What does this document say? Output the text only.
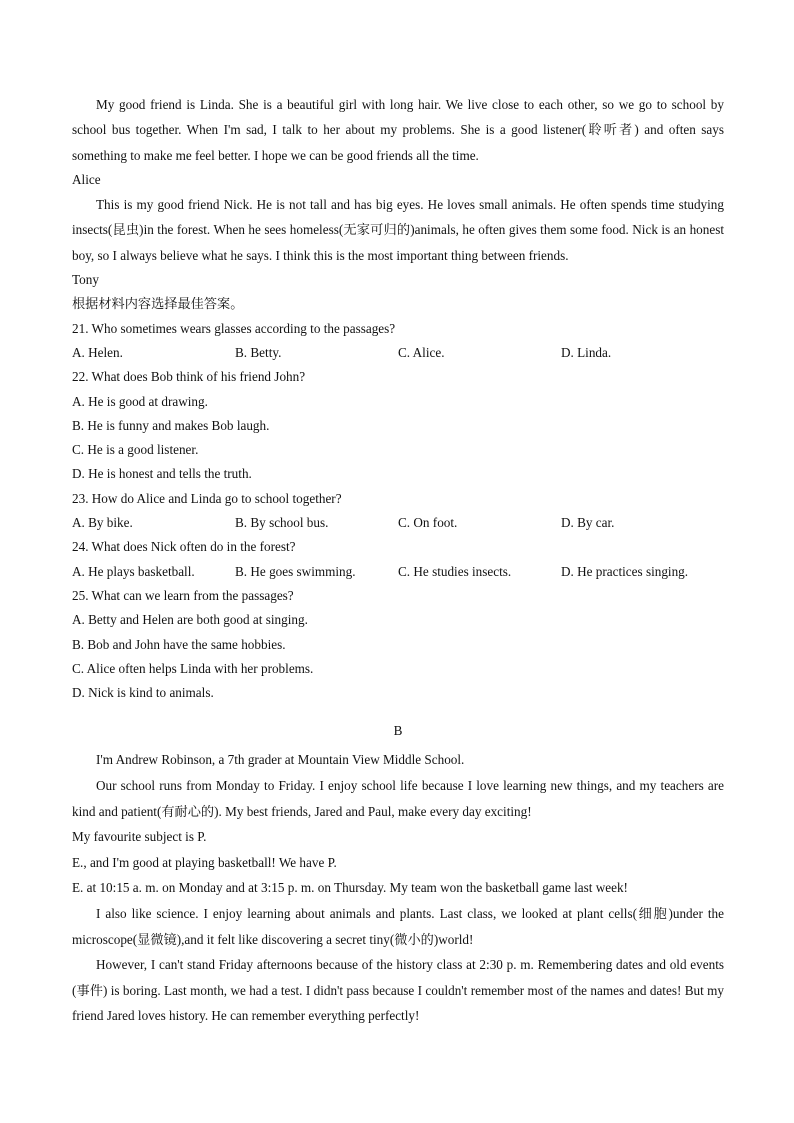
My good friend is Linda. She is a beautiful girl with long hair. We live close to each other, so we go to school by school bus together. When I'm sad, I talk to her about my problems. She is a good listener(聆听者) and often says something to make me feel better. I hope we can be good friends all the time.

Alice

This is my good friend Nick. He is not tall and has big eyes. He loves small animals. He often spends time studying insects(昆虫)in the forest. When he sees homeless(无家可归的)animals, he often gives them some food. Nick is an honest boy, so I always believe what he says. I think this is the most important thing between friends.

Tony

根据材料内容选择最佳答案。

21. Who sometimes wears glasses according to the passages?

A. Helen.	B. Betty.	C. Alice.	D. Linda.

22. What does Bob think of his friend John?

A. He is good at drawing.

B. He is funny and makes Bob laugh.

C. He is a good listener.

D. He is honest and tells the truth.

23. How do Alice and Linda go to school together?

A. By bike.	B. By school bus.	C. On foot.	D. By car.

24. What does Nick often do in the forest?

A. He plays basketball.	B. He goes swimming.	C. He studies insects.	D. He practices singing.

25. What can we learn from the passages?

A. Betty and Helen are both good at singing.

B. Bob and John have the same hobbies.

C. Alice often helps Linda with her problems.

D. Nick is kind to animals.

B

I'm Andrew Robinson, a 7th grader at Mountain View Middle School.

Our school runs from Monday to Friday. I enjoy school life because I love learning new things, and my teachers are kind and patient(有耐心的). My best friends, Jared and Paul, make every day exciting!

My favourite subject is P.

E., and I'm good at playing basketball! We have P.

E. at 10:15 a. m. on Monday and at 3:15 p. m. on Thursday. My team won the basketball game last week!

I also like science. I enjoy learning about animals and plants. Last class, we looked at plant cells(细胞)under the microscope(显微镜),and it felt like discovering a secret tiny(微小的)world!

However, I can't stand Friday afternoons because of the history class at 2:30 p. m. Remembering dates and old events (事件) is boring. Last month, we had a test. I didn't pass because I couldn't remember most of the names and dates! But my friend Jared loves history. He can remember everything perfectly!
